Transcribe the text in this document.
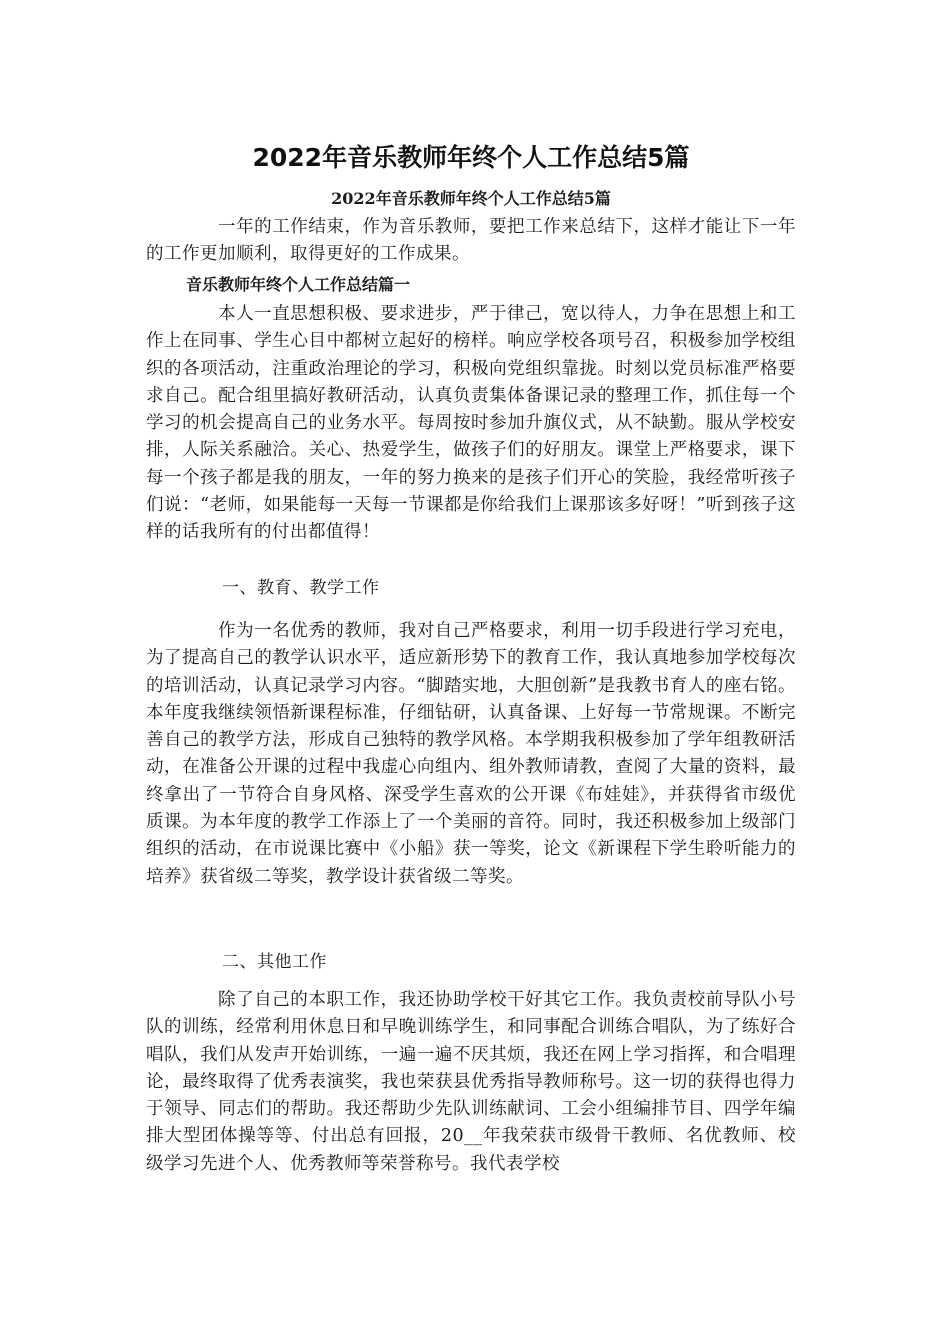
2022年音乐教师年终个人工作总结5篇

2022年音乐教师年终个人工作总结5篇

一年的工作结束，作为音乐教师，要把工作来总结下，这样才能让下一年的工作更加顺利，取得更好的工作成果。

音乐教师年终个人工作总结篇一

本人一直思想积极、要求进步，严于律己，宽以待人，力争在思想上和工作上在同事、学生心目中都树立起好的榜样。响应学校各项号召，积极参加学校组织的各项活动，注重政治理论的学习，积极向党组织靠拢。时刻以党员标准严格要求自己。配合组里搞好教研活动，认真负责集体备课记录的整理工作，抓住每一个学习的机会提高自己的业务水平。每周按时参加升旗仪式，从不缺勤。服从学校安排，人际关系融洽。关心、热爱学生，做孩子们的好朋友。课堂上严格要求，课下每一个孩子都是我的朋友，一年的努力换来的是孩子们开心的笑脸，我经常听孩子们说：“老师，如果能每一天每一节课都是你给我们上课那该多好呀！”听到孩子这样的话我所有的付出都值得！

一、教育、教学工作

作为一名优秀的教师，我对自己严格要求，利用一切手段进行学习充电，为了提高自己的教学认识水平，适应新形势下的教育工作，我认真地参加学校每次的培训活动，认真记录学习内容。“脚踏实地，大胆创新”是我教书育人的座右铭。本年度我继续领悟新课程标准，仔细钻研，认真备课、上好每一节常规课。不断完善自己的教学方法，形成自己独特的教学风格。本学期我积极参加了学年组教研活动，在准备公开课的过程中我虚心向组内、组外教师请教，查阅了大量的资料，最终拿出了一节符合自身风格、深受学生喜欢的公开课《布娃娃》，并获得省市级优质课。为本年度的教学工作添上了一个美丽的音符。同时，我还积极参加上级部门组织的活动，在市说课比赛中《小船》获一等奖，论文《新课程下学生聆听能力的培养》获省级二等奖，教学设计获省级二等奖。

二、其他工作

除了自己的本职工作，我还协助学校干好其它工作。我负责校前导队小号队的训练，经常利用休息日和早晚训练学生，和同事配合训练合唱队，为了练好合唱队，我们从发声开始训练，一遍一遍不厌其烦，我还在网上学习指挥，和合唱理论，最终取得了优秀表演奖，我也荣获县优秀指导教师称号。这一切的获得也得力于领导、同志们的帮助。我还帮助少先队训练献词、工会小组编排节目、四学年编排大型团体操等等、付出总有回报，20__年我荣获市级骨干教师、名优教师、校级学习先进个人、优秀教师等荣誉称号。我代表学校
